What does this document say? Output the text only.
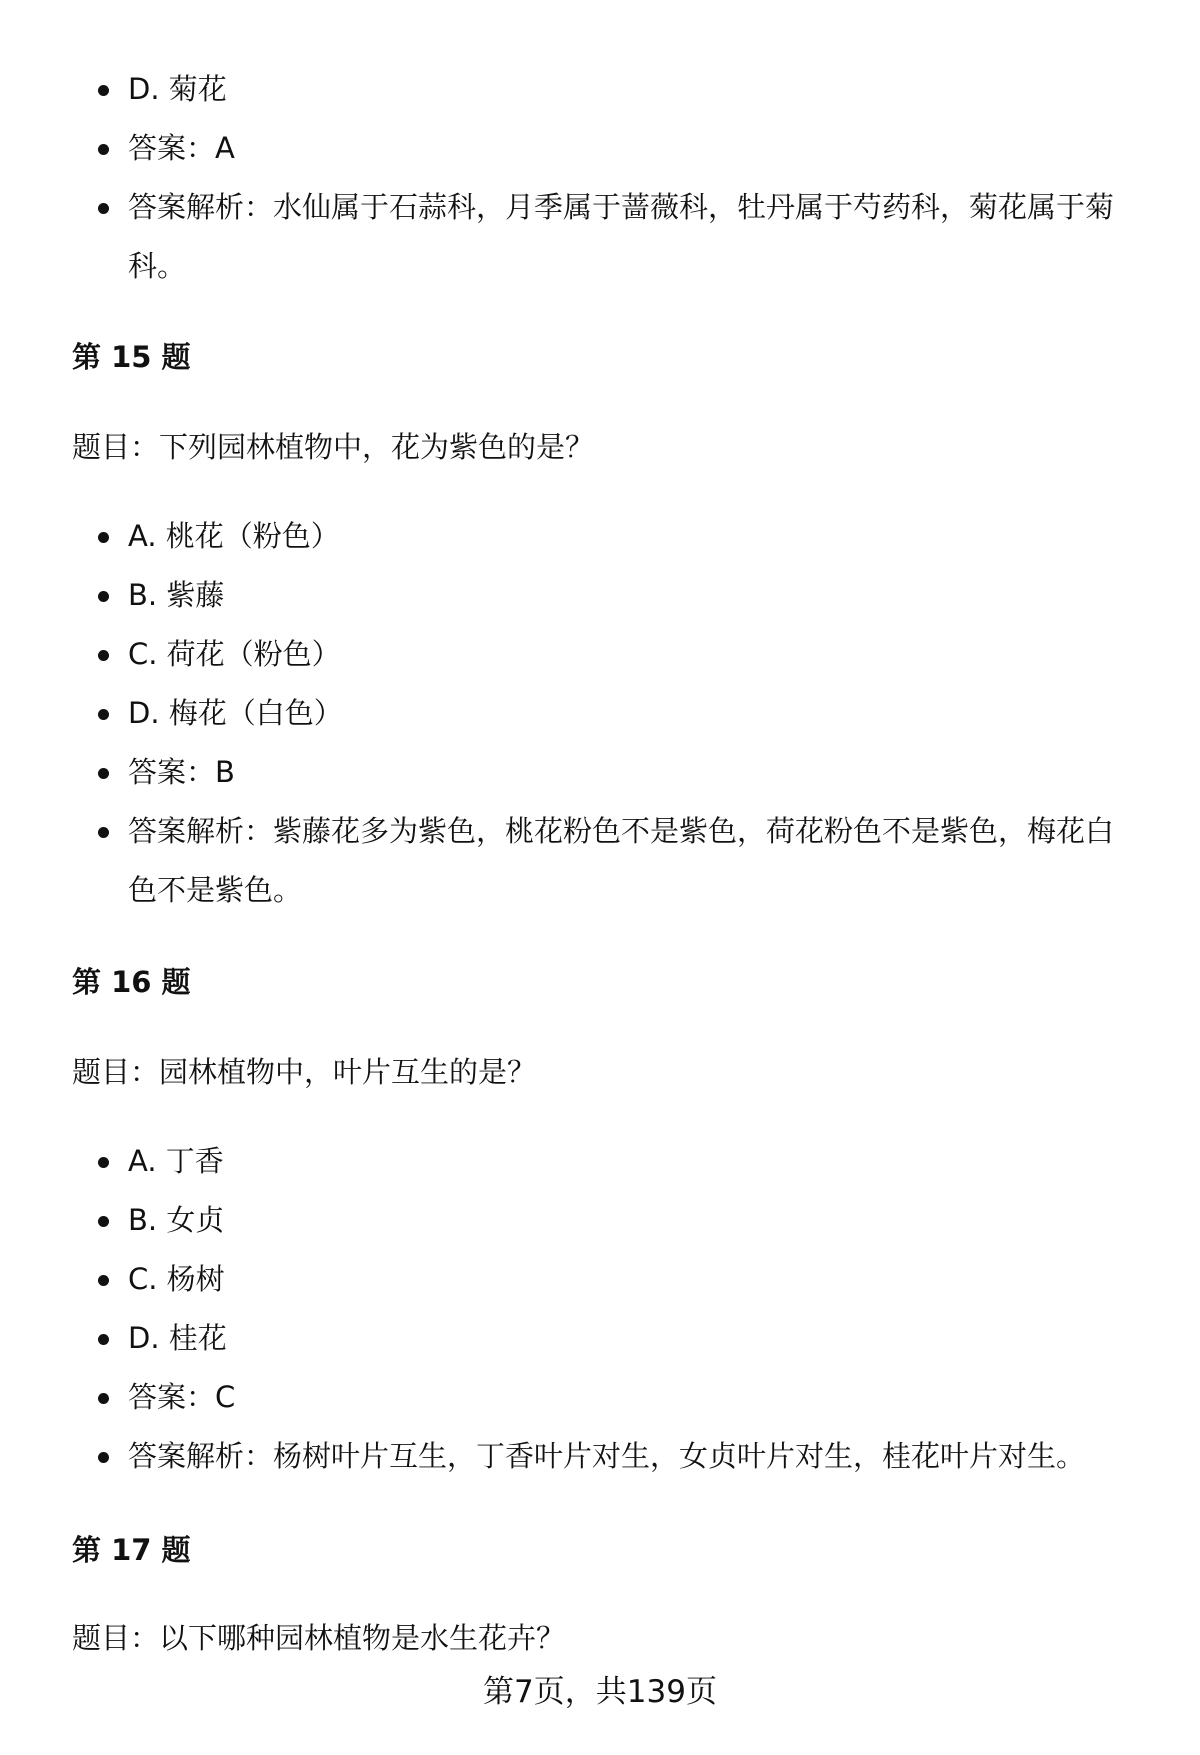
D. 菊花
答案：A
答案解析：水仙属于石蒜科，月季属于蔷薇科，牡丹属于芍药科，菊花属于菊科。
第 15 题
题目：下列园林植物中，花为紫色的是？
A. 桃花（粉色）
B. 紫藤
C. 荷花（粉色）
D. 梅花（白色）
答案：B
答案解析：紫藤花多为紫色，桃花粉色不是紫色，荷花粉色不是紫色，梅花白色不是紫色。
第 16 题
题目：园林植物中，叶片互生的是？
A. 丁香
B. 女贞
C. 杨树
D. 桂花
答案：C
答案解析：杨树叶片互生，丁香叶片对生，女贞叶片对生，桂花叶片对生。
第 17 题
题目：以下哪种园林植物是水生花卉？
第7页，共139页
